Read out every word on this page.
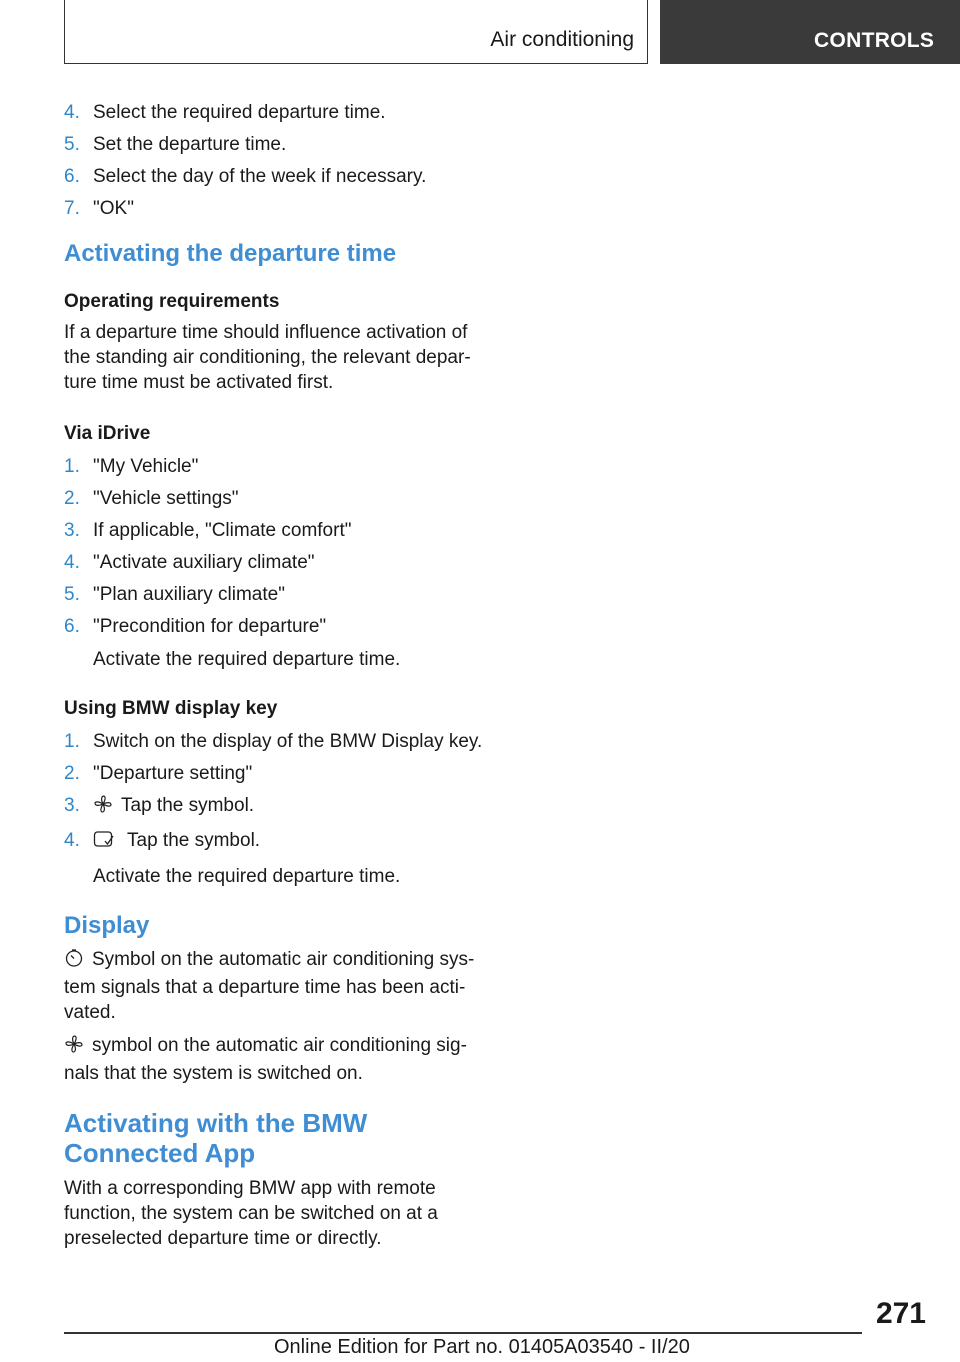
Air conditioning	CONTROLS
4. Select the required departure time.
5. Set the departure time.
6. Select the day of the week if necessary.
7. "OK"
Activating the departure time
Operating requirements
If a departure time should influence activation of the standing air conditioning, the relevant depar-ture time must be activated first.
Via iDrive
1. "My Vehicle"
2. "Vehicle settings"
3. If applicable, "Climate comfort"
4. "Activate auxiliary climate"
5. "Plan auxiliary climate"
6. "Precondition for departure"
Activate the required departure time.
Using BMW display key
1. Switch on the display of the BMW Display key.
2. "Departure setting"
3.	Tap the symbol.
4.	Tap the symbol.
Activate the required departure time.
Display
Symbol on the automatic air conditioning sys-tem signals that a departure time has been acti-vated.
symbol on the automatic air conditioning sig-nals that the system is switched on.
Activating with the BMW Connected App
With a corresponding BMW app with remote function, the system can be switched on at a preselected departure time or directly.
271
Online Edition for Part no. 01405A03540 - II/20
